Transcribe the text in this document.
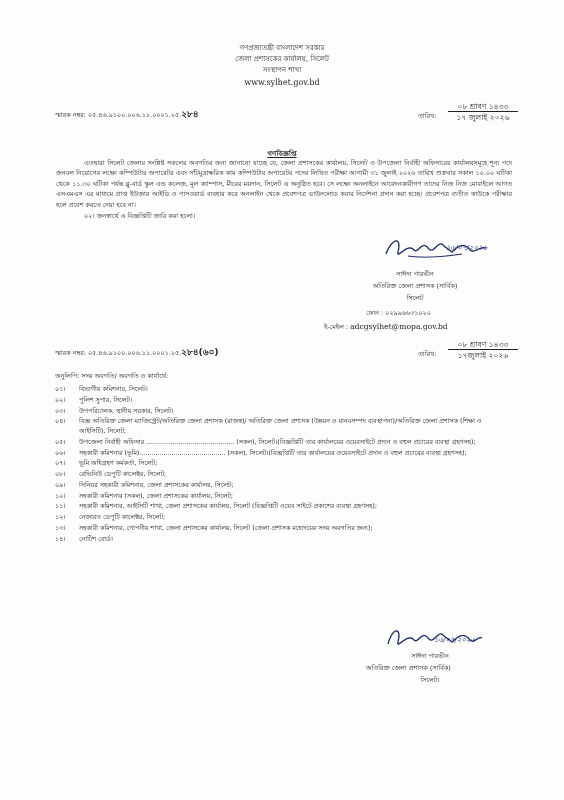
গণপ্রজাতন্ত্রী বাংলাদেশ সরকার
জেলা প্রশাসকের কার্যালয়, সিলেট
সংস্থাপন শাখা
www.sylhet.gov.bd
স্মারক নম্বর: ০৫.৪৬.৯১০০.০০৬.১১.০০০১.২৫.২৮৪	তারিখ:
০৮ শ্রাবণ ১৪৩৩
১৭ জুলাই ২০২৬
গণবিজ্ঞপ্তি
এতদ্বারা সিলেট জেলার সংশ্লিষ্ট সকলের অবগতির জন্য জানানো যাচ্ছে যে, জেলা প্রশাসকের কার্যালয়, সিলেট ও উপজেলা নির্বাহী অফিসারের কার্যালয়সমূহে শূন্য পদে জনবল নিয়োগের লক্ষ্যে কম্পিউটার অপারেটর এবং সাঁটমুদ্রাক্ষরিক কাম কম্পিউটার অপারেটর পদের লিখিত পরীক্ষা আগামী ৩১ জুলাই ২০২৬ তারিখ শুক্রবার সকাল ১০.০০ ঘটিকা থেকে ১১.৩০ ঘটিকা পর্যন্ত ব্লু-বার্ড স্কুল এন্ড কলেজ, মূল ক্যাম্পাস, মীরের ময়দান, সিলেট এ অনুষ্ঠিত হবে। সে লক্ষ্যে অনলাইনে আবেদনকারীগণ তাদের নিজ নিজ মোবাইলে আগত এসএমএস এর মাধ্যমে প্রাপ্ত ইউজার আইডি ও পাসওয়ার্ড ব্যবহার করে অনলাইন থেকে প্রবেশপত্র ডাউনলোড করার নির্দেশনা প্রদান করা হচ্ছে। প্রবেশপত্র ব্যতীত কাউকে পরীক্ষার হলে প্রবেশ করতে দেয়া হবে না।
০২। জনস্বার্থে এ বিজ্ঞপ্তিটি জারি করা হলো।
১৬/০৭/২০২৬
সাঈদা পারভীন
অতিরিক্ত জেলা প্রশাসক (সার্বিক)
সিলেট
ফোন : ০২৯৯৬৬৩১০২০
ই-মেইল : adcgsylhet@mopa.gov.bd
স্মারক নম্বর: ০৫.৪৬.৯১০০.০০৬.১১.০০০১.২৫.২৮৪(৬০)	তারিখ:
০৮ শ্রাবণ ১৪৩৩
১৭জুলাই ২০২৬
অনুলিপি: সদয় অবগতি/ অবগতি ও কার্যার্থে:
০১। বিভাগীয় কমিশনার, সিলেট।
০২। পুলিশ সুপার, সিলেট।
০৩। উপপরিচালক, স্থানীয় সরকার, সিলেট।
০৪। বিজ্ঞ অতিরিক্ত জেলা ম্যাজিস্ট্রেট/অতিরিক্ত জেলা প্রশাসক (রাজস্ব)/ অতিরিক্ত জেলা প্রশাসক (উন্নয়ন ও মানবসম্পদ ব্যবস্থাপনা)/অতিরিক্ত জেলা প্রশাসক (শিক্ষা ও আইসিটি), সিলেট;
০৫। উপজেলা নির্বাহী অফিসার ............................................ (সকল), সিলেট।(বিজ্ঞপ্তিটি তার কার্যালয়ের ওয়েবসাইটে প্রদান ও বহুল প্রচারের ব্যবস্থা গ্রহণসহ);
০৬। সহকারী কমিশনার (ভূমি)........................................... (সকল), সিলেট।(বিজ্ঞপ্তিটি তার কার্যালয়ের ওয়েবসাইটে প্রদান ও বহুল প্রচারের ব্যবস্থা গ্রহণসহ);
০৭। ভূমি অধিগ্রহণ কর্মকর্তা, সিলেট;
০৮। রেভিনিউ ডেপুটি কালেক্টর, সিলেট;
০৯। সিনিয়র সহকারী কমিশনার, জেলা প্রশাসকের কার্যালয়, সিলেট;
১০। সহকারী কমিশনার (সকল), জেলা প্রশাসকের কার্যালয়, সিলেট;
১১। সহকারী কমিশনার, আইসিটি শাখা, জেলা প্রশাসকের কার্যালয়, সিলেট (বিজ্ঞপ্তিটি ওয়েব সাইটে প্রকাশের ব্যবস্থা গ্রহণসহ);
১২। নেজারত ডেপুটি কালেক্টর, সিলেট;
১৩। সহকারী কমিশনার, গোপনীয় শাখা, জেলা প্রশাসকের কার্যালয়, সিলেট (জেলা প্রশাসক মহোদয়ের সদয় অবগতির জন্য);
১৪। নোটিশ বোর্ড।
১৬/০৭/২০২৬
সাঈদা পারভীন
অতিরিক্ত জেলা প্রশাসক (সার্বিক)
সিলেট।
